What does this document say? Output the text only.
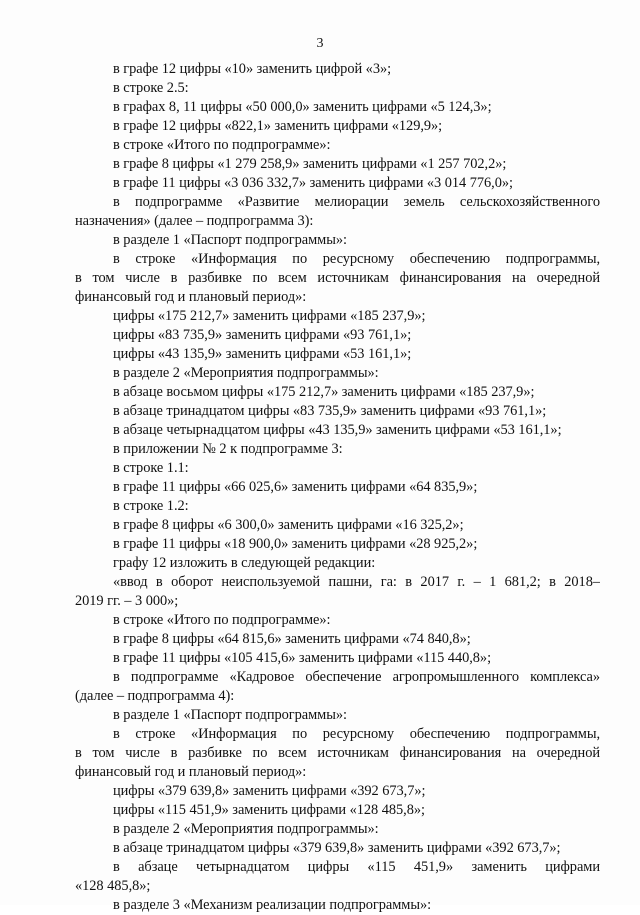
3
в графе 12 цифры «10» заменить цифрой «3»;
в строке 2.5:
в графах 8, 11 цифры «50 000,0» заменить цифрами «5 124,3»;
в графе 12 цифры «822,1» заменить цифрами «129,9»;
в строке «Итого по подпрограмме»:
в графе 8 цифры «1 279 258,9» заменить цифрами «1 257 702,2»;
в графе 11 цифры «3 036 332,7» заменить цифрами «3 014 776,0»;
в подпрограмме «Развитие мелиорации земель сельскохозяйственного
назначения» (далее – подпрограмма 3):
в разделе 1 «Паспорт подпрограммы»:
в строке «Информация по ресурсному обеспечению подпрограммы,
в том числе в разбивке по всем источникам финансирования на очередной
финансовый год и плановый период»:
цифры «175 212,7» заменить цифрами «185 237,9»;
цифры «83 735,9» заменить цифрами «93 761,1»;
цифры «43 135,9» заменить цифрами «53 161,1»;
в разделе 2 «Мероприятия подпрограммы»:
в абзаце восьмом цифры «175 212,7» заменить цифрами «185 237,9»;
в абзаце тринадцатом цифры «83 735,9» заменить цифрами «93 761,1»;
в абзаце четырнадцатом цифры «43 135,9» заменить цифрами «53 161,1»;
в приложении № 2 к подпрограмме 3:
в строке 1.1:
в графе 11 цифры «66 025,6» заменить цифрами «64 835,9»;
в строке 1.2:
в графе 8 цифры «6 300,0» заменить цифрами «16 325,2»;
в графе 11 цифры «18 900,0» заменить цифрами «28 925,2»;
графу 12 изложить в следующей редакции:
«ввод в оборот неиспользуемой пашни, га: в 2017 г. – 1 681,2; в 2018–
2019 гг. – 3 000»;
в строке «Итого по подпрограмме»:
в графе 8 цифры «64 815,6» заменить цифрами «74 840,8»;
в графе 11 цифры «105 415,6» заменить цифрами «115 440,8»;
в подпрограмме «Кадровое обеспечение агропромышленного комплекса»
(далее – подпрограмма 4):
в разделе 1 «Паспорт подпрограммы»:
в строке «Информация по ресурсному обеспечению подпрограммы,
в том числе в разбивке по всем источникам финансирования на очередной
финансовый год и плановый период»:
цифры «379 639,8» заменить цифрами «392 673,7»;
цифры «115 451,9» заменить цифрами «128 485,8»;
в разделе 2 «Мероприятия подпрограммы»:
в абзаце тринадцатом цифры «379 639,8» заменить цифрами «392 673,7»;
в абзаце четырнадцатом цифры «115 451,9» заменить цифрами
«128 485,8»;
в разделе 3 «Механизм реализации подпрограммы»:
